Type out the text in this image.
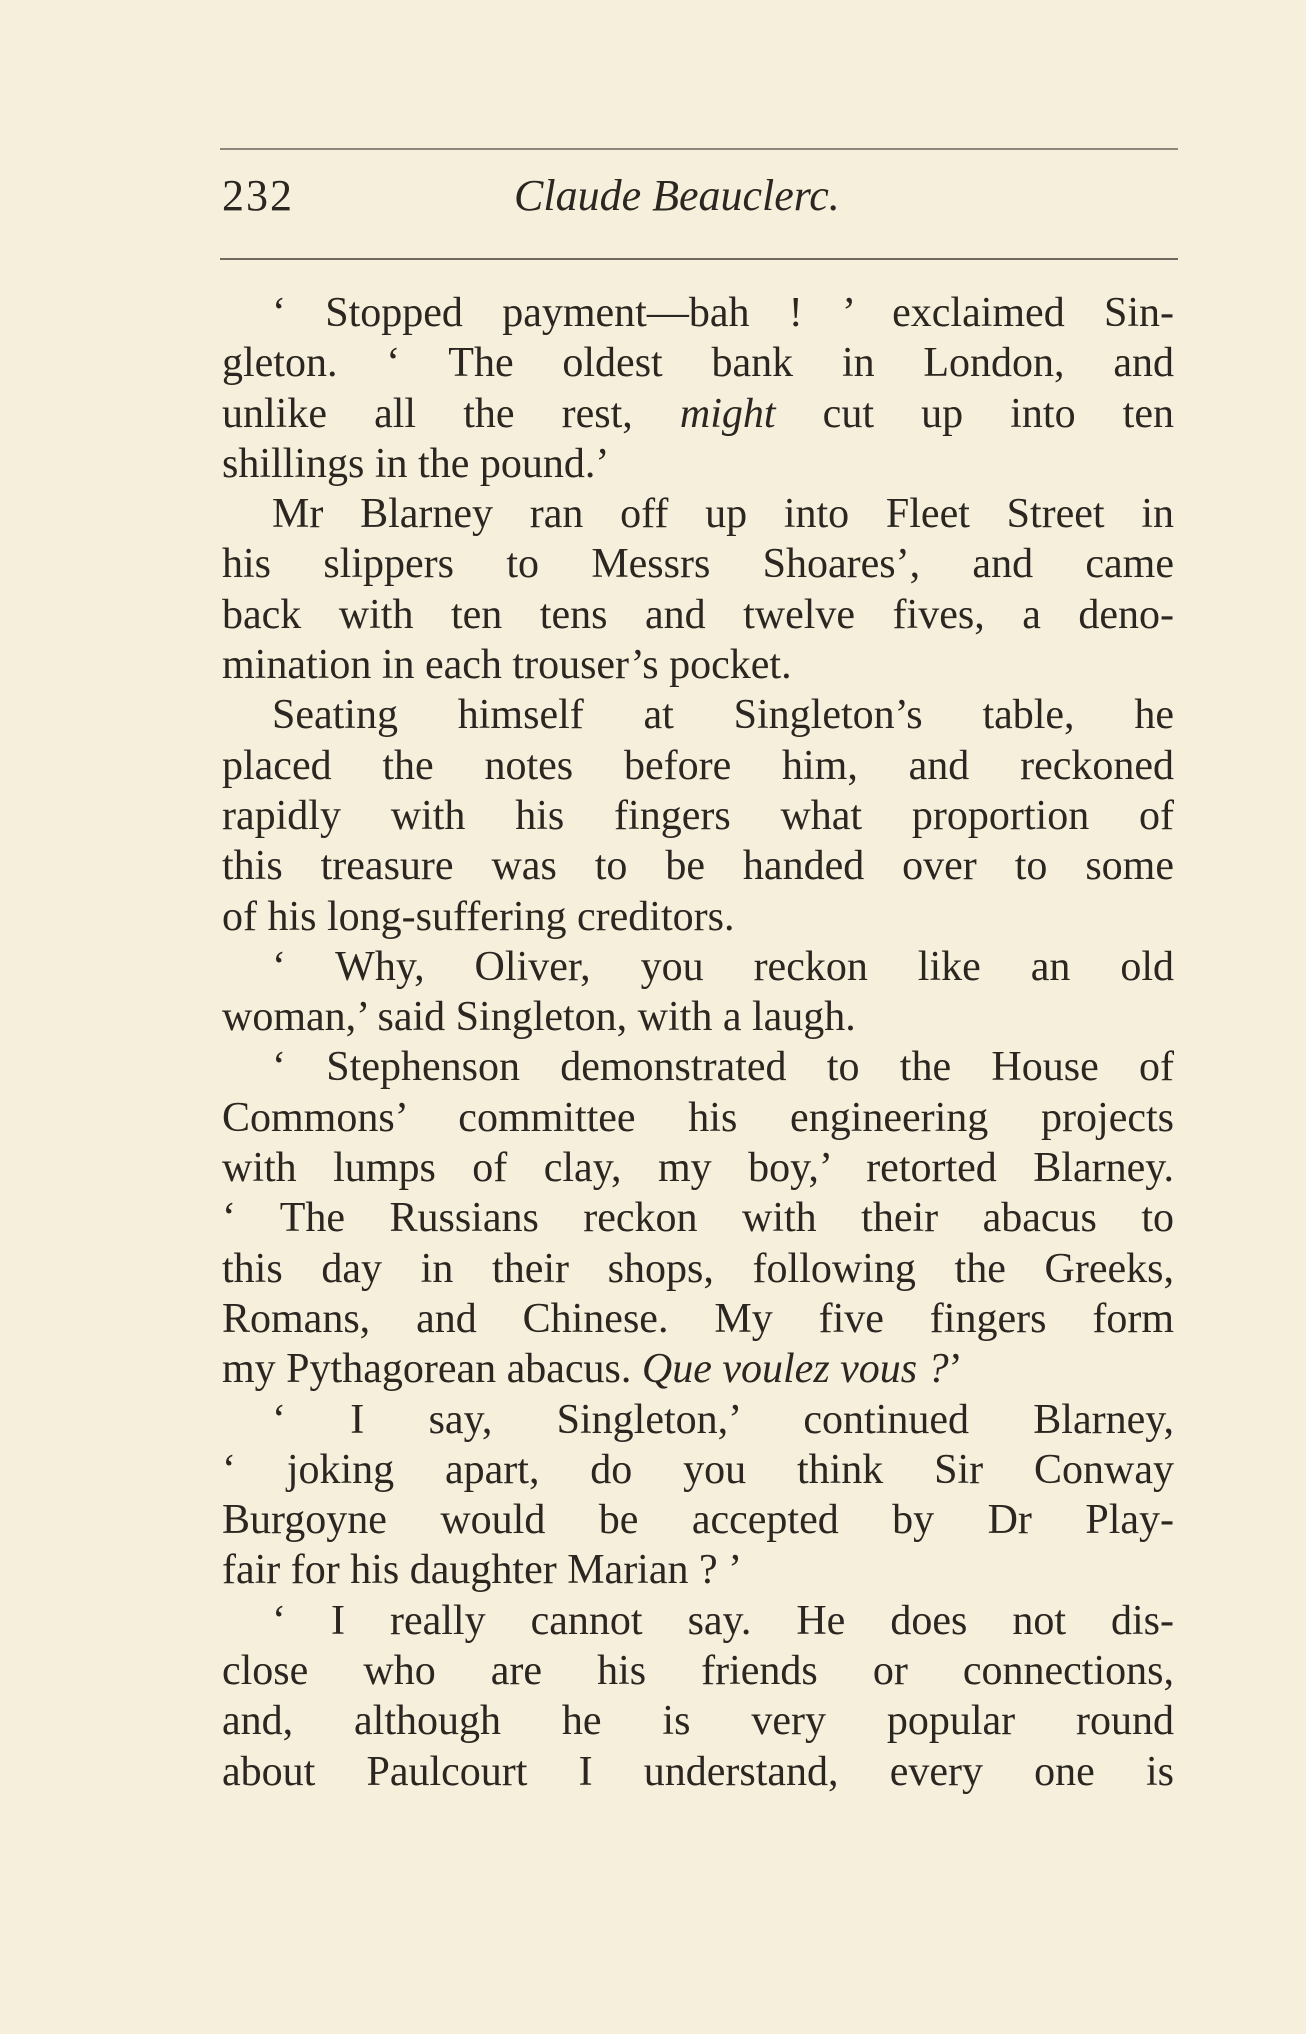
232	Claude Beauclerc.
‘ Stopped payment—bah ! ’ exclaimed Sin-
gleton. ‘ The oldest bank in London, and
unlike all the rest, might cut up into ten
shillings in the pound.’
Mr Blarney ran off up into Fleet Street in
his slippers to Messrs Shoares’, and came
back with ten tens and twelve fives, a deno-
mination in each trouser’s pocket.
Seating himself at Singleton’s table, he
placed the notes before him, and reckoned
rapidly with his fingers what proportion of
this treasure was to be handed over to some
of his long-suffering creditors.
‘ Why, Oliver, you reckon like an old
woman,’ said Singleton, with a laugh.
‘ Stephenson demonstrated to the House of
Commons’ committee his engineering projects
with lumps of clay, my boy,’ retorted Blarney.
‘ The Russians reckon with their abacus to
this day in their shops, following the Greeks,
Romans, and Chinese. My five fingers form
my Pythagorean abacus. Que voulez vous ?’
‘ I say, Singleton,’ continued Blarney,
‘ joking apart, do you think Sir Conway
Burgoyne would be accepted by Dr Play-
fair for his daughter Marian ? ’
‘ I really cannot say. He does not dis-
close who are his friends or connections,
and, although he is very popular round
about Paulcourt I understand, every one is
